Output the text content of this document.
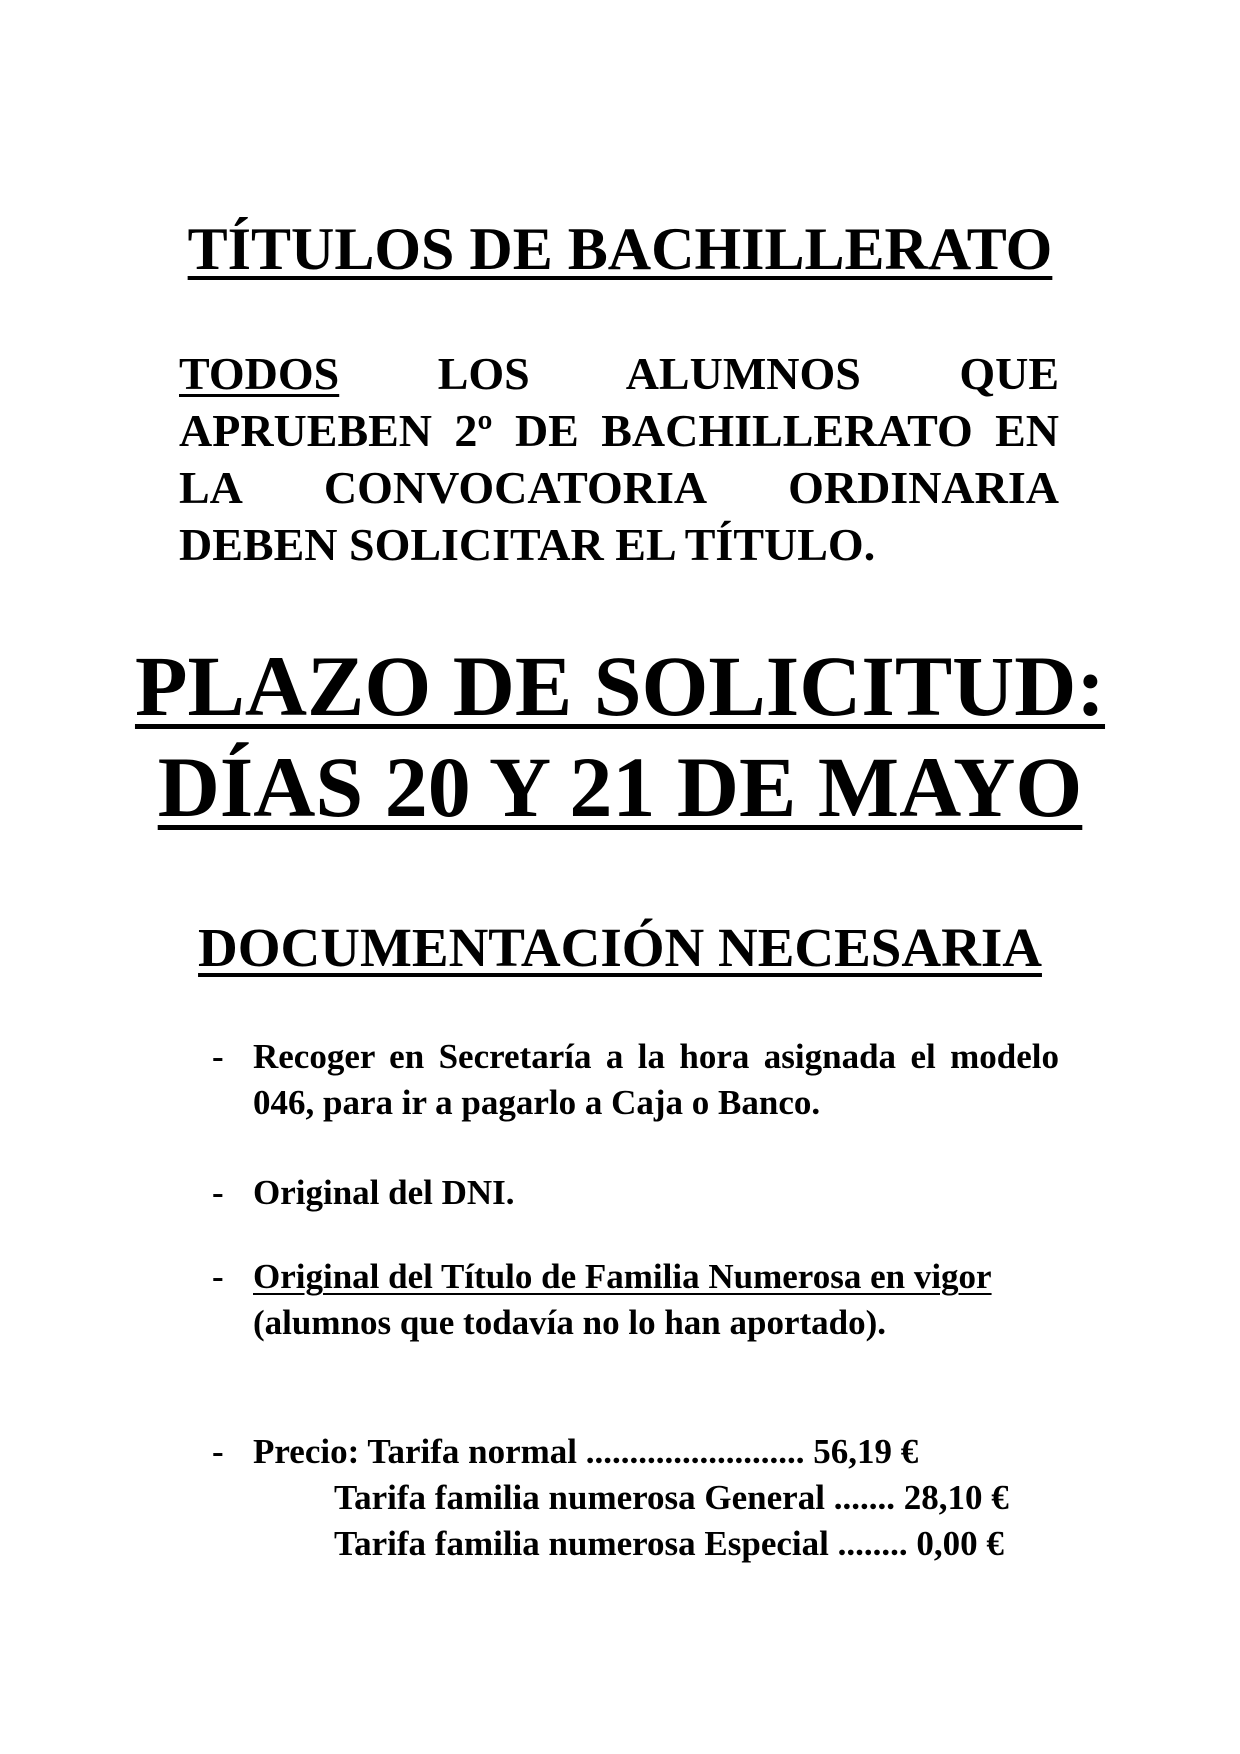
TÍTULOS DE BACHILLERATO
TODOS LOS ALUMNOS QUE APRUEBEN 2º DE BACHILLERATO EN LA CONVOCATORIA ORDINARIA DEBEN SOLICITAR EL TÍTULO.
PLAZO DE SOLICITUD:
DÍAS 20 Y 21 DE MAYO
DOCUMENTACIÓN NECESARIA
- Recoger en Secretaría a la hora asignada el modelo 046, para ir a pagarlo a Caja o Banco.
- Original del DNI.
- Original del Título de Familia Numerosa en vigor
(alumnos que todavía no lo han aportado).
- Precio: Tarifa normal ......................... 56,19 €
Tarifa familia numerosa General ....... 28,10 €
Tarifa familia numerosa Especial ........ 0,00 €
